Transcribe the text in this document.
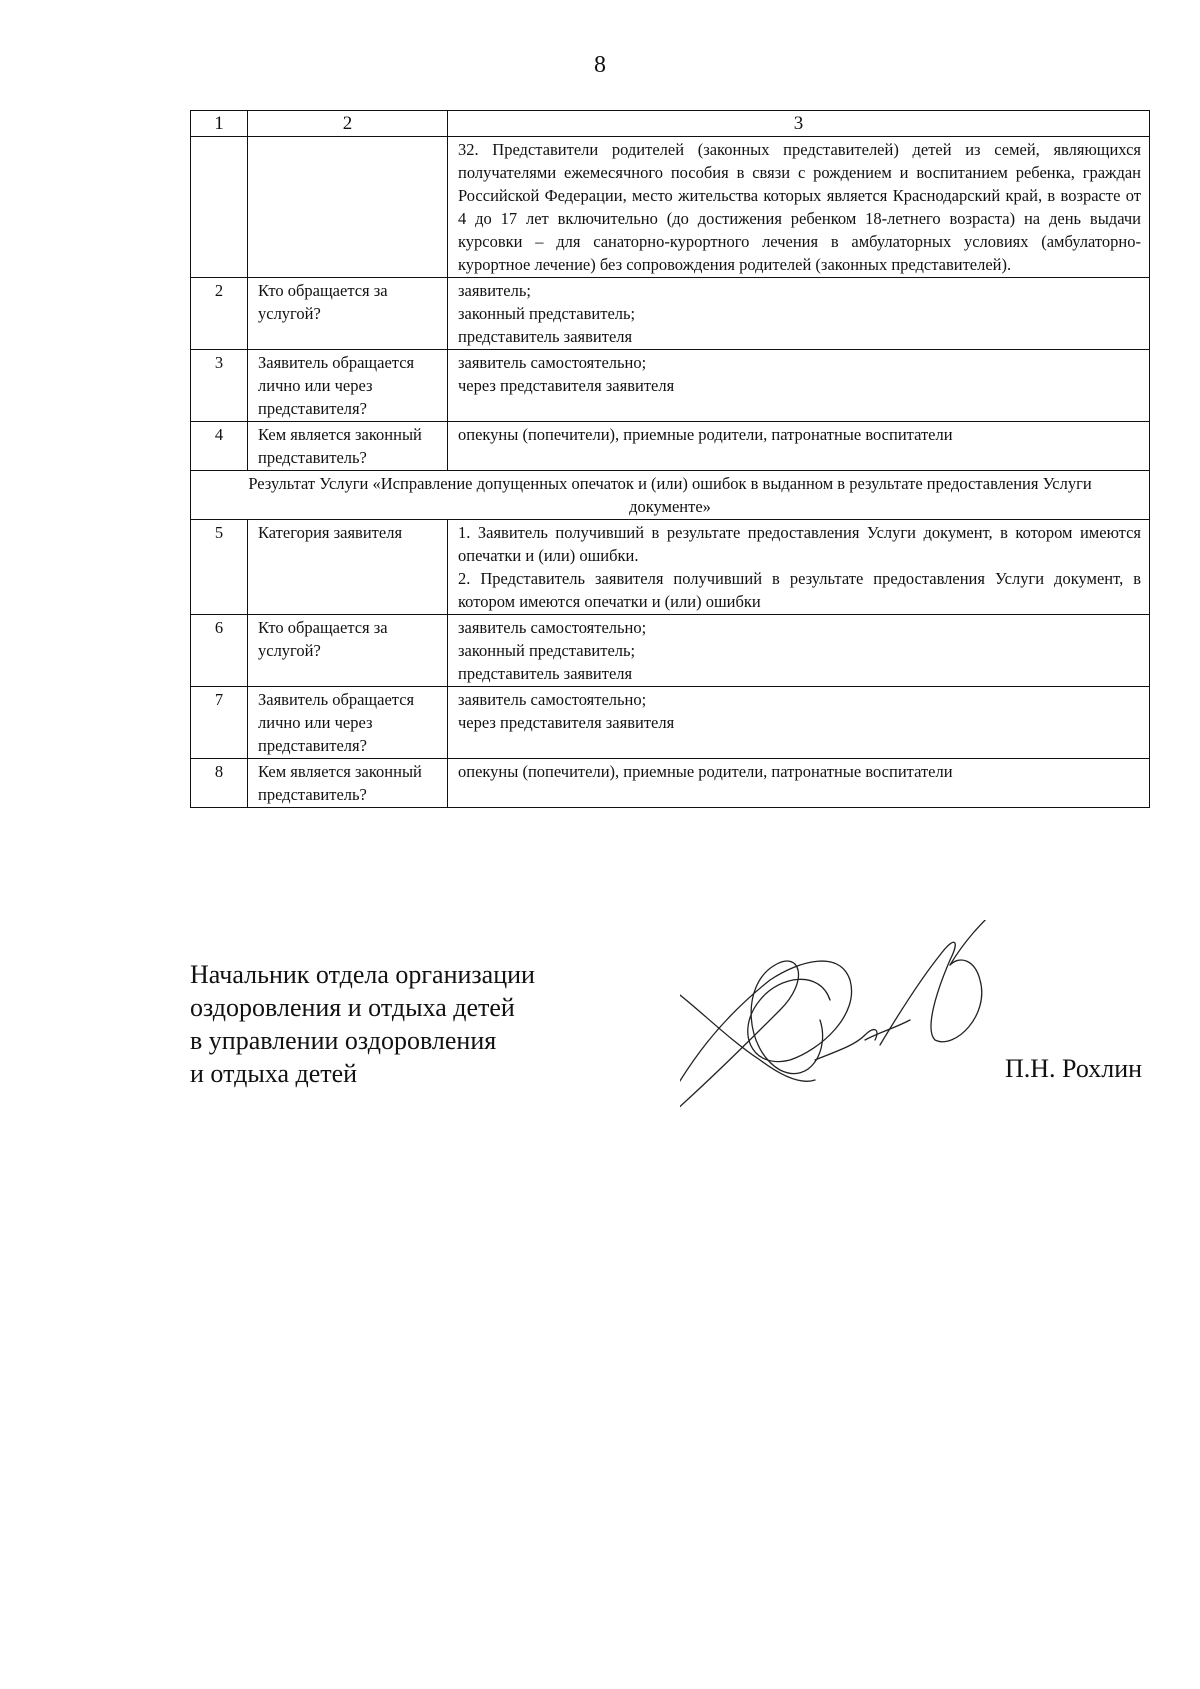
8
1	2	3
		32. Представители родителей (законных представителей) детей из семей, являющихся получателями ежемесячного пособия в связи с рождением и воспитанием ребенка, граждан Российской Федерации, место жительства которых является Краснодарский край, в возрасте от 4 до 17 лет включительно (до достижения ребенком 18-летнего возраста) на день выдачи курсовки – для санаторно-курортного лечения в амбулаторных условиях (амбулаторно-курортное лечение) без сопровождения родителей (законных представителей).
2	Кто обращается за услугой?	заявитель;
законный представитель;
представитель заявителя

3	Заявитель обращается лично или через представителя?	заявитель самостоятельно;
через представителя заявителя

4	Кем является законный представитель?	опекуны (попечители), приемные родители, патронатные воспитатели

Результат Услуги «Исправление допущенных опечаток и (или) ошибок в выданном в результате предоставления Услуги документе»		
5	Категория заявителя	1. Заявитель получивший в результате предоставления Услуги документ, в котором имеются опечатки и (или) ошибки.
2. Представитель заявителя получивший в результате предоставления Услуги документ, в котором имеются опечатки и (или) ошибки

6	Кто обращается за услугой?	заявитель самостоятельно;
законный представитель;
представитель заявителя

7	Заявитель обращается лично или через представителя?	заявитель самостоятельно;
через представителя заявителя

8	Кем является законный представитель?	опекуны (попечители), приемные родители, патронатные воспитатели
Начальник отдела организации
оздоровления и отдыха детей
в управлении оздоровления
и отдыха детей	П.Н. Рохлин
